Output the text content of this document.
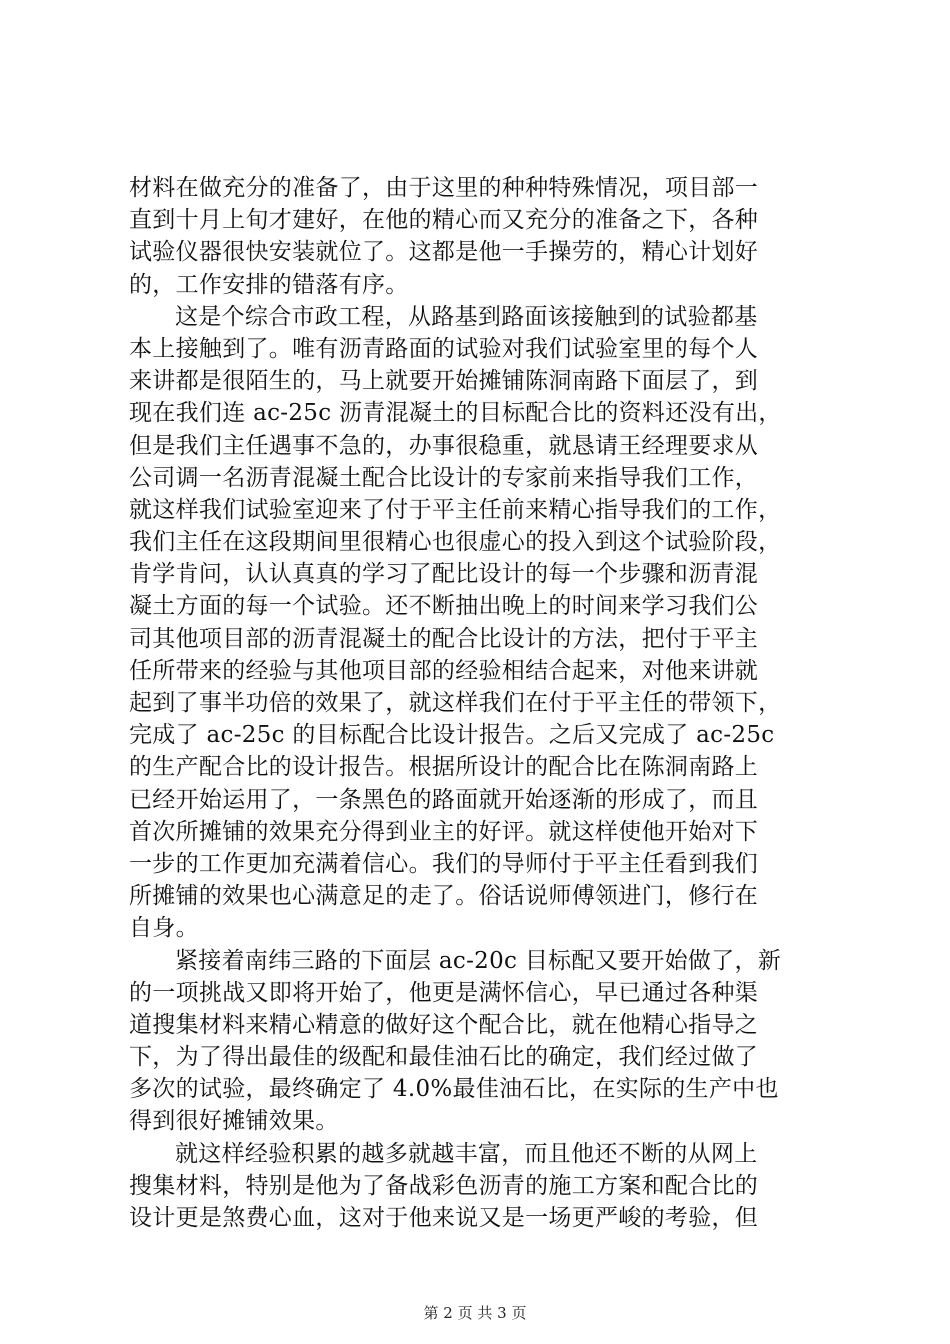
材料在做充分的准备了，由于这里的种种特殊情况，项目部一
直到十月上旬才建好，在他的精心而又充分的准备之下，各种
试验仪器很快安装就位了。这都是他一手操劳的，精心计划好
的，工作安排的错落有序。
这是个综合市政工程，从路基到路面该接触到的试验都基
本上接触到了。唯有沥青路面的试验对我们试验室里的每个人
来讲都是很陌生的，马上就要开始摊铺陈洞南路下面层了，到
现在我们连 ac-25c 沥青混凝土的目标配合比的资料还没有出，
但是我们主任遇事不急的，办事很稳重，就恳请王经理要求从
公司调一名沥青混凝土配合比设计的专家前来指导我们工作，
就这样我们试验室迎来了付于平主任前来精心指导我们的工作，
我们主任在这段期间里很精心也很虚心的投入到这个试验阶段，
肯学肯问，认认真真的学习了配比设计的每一个步骤和沥青混
凝土方面的每一个试验。还不断抽出晚上的时间来学习我们公
司其他项目部的沥青混凝土的配合比设计的方法，把付于平主
任所带来的经验与其他项目部的经验相结合起来，对他来讲就
起到了事半功倍的效果了，就这样我们在付于平主任的带领下，
完成了 ac-25c 的目标配合比设计报告。之后又完成了 ac-25c
的生产配合比的设计报告。根据所设计的配合比在陈洞南路上
已经开始运用了，一条黑色的路面就开始逐渐的形成了，而且
首次所摊铺的效果充分得到业主的好评。就这样使他开始对下
一步的工作更加充满着信心。我们的导师付于平主任看到我们
所摊铺的效果也心满意足的走了。俗话说师傅领进门，修行在
自身。
紧接着南纬三路的下面层 ac-20c 目标配又要开始做了，新
的一项挑战又即将开始了，他更是满怀信心，早已通过各种渠
道搜集材料来精心精意的做好这个配合比，就在他精心指导之
下，为了得出最佳的级配和最佳油石比的确定，我们经过做了
多次的试验，最终确定了 4.0%最佳油石比，在实际的生产中也
得到很好摊铺效果。
就这样经验积累的越多就越丰富，而且他还不断的从网上
搜集材料，特别是他为了备战彩色沥青的施工方案和配合比的
设计更是煞费心血，这对于他来说又是一场更严峻的考验，但
第 2 页 共 3 页
